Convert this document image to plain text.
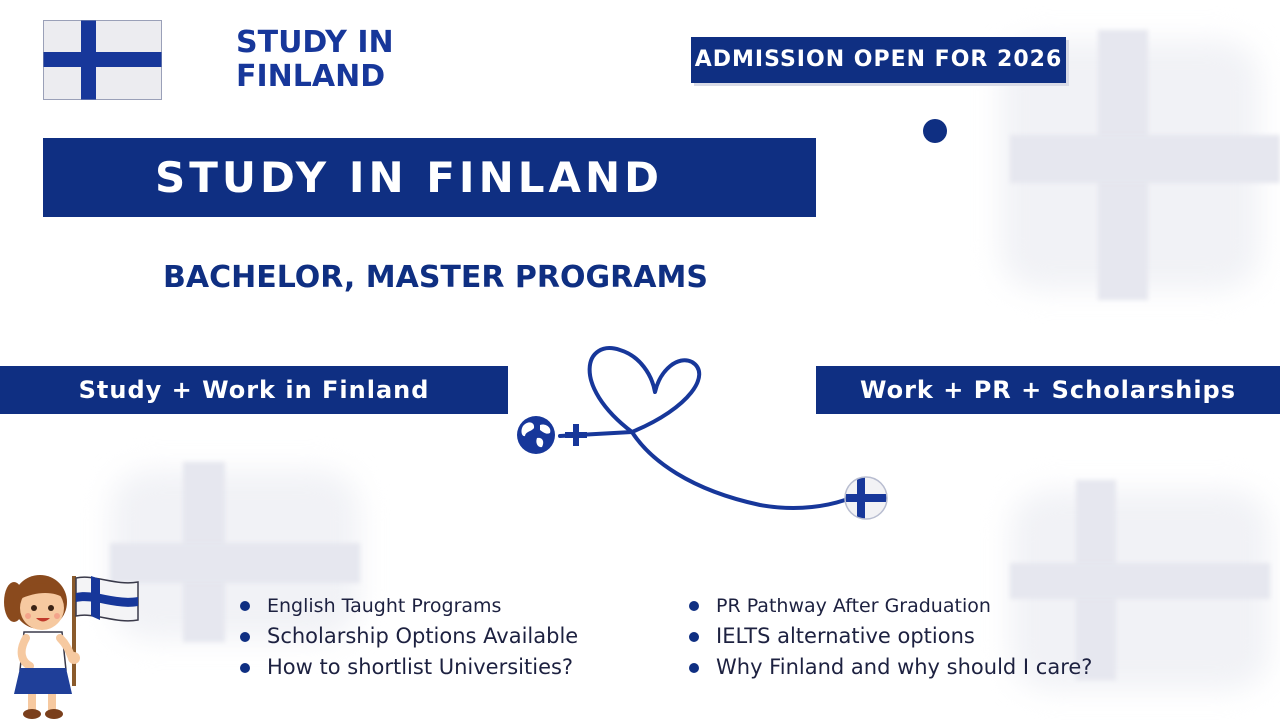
STUDY IN
FINLAND	ADMISSION OPEN FOR 2026
STUDY IN FINLAND
BACHELOR, MASTER PROGRAMS
Study + Work in Finland	Work + PR + Scholarships
English Taught Programs
Scholarship Options Available
How to shortlist Universities?
PR Pathway After Graduation
IELTS alternative options
Why Finland and why should I care?
